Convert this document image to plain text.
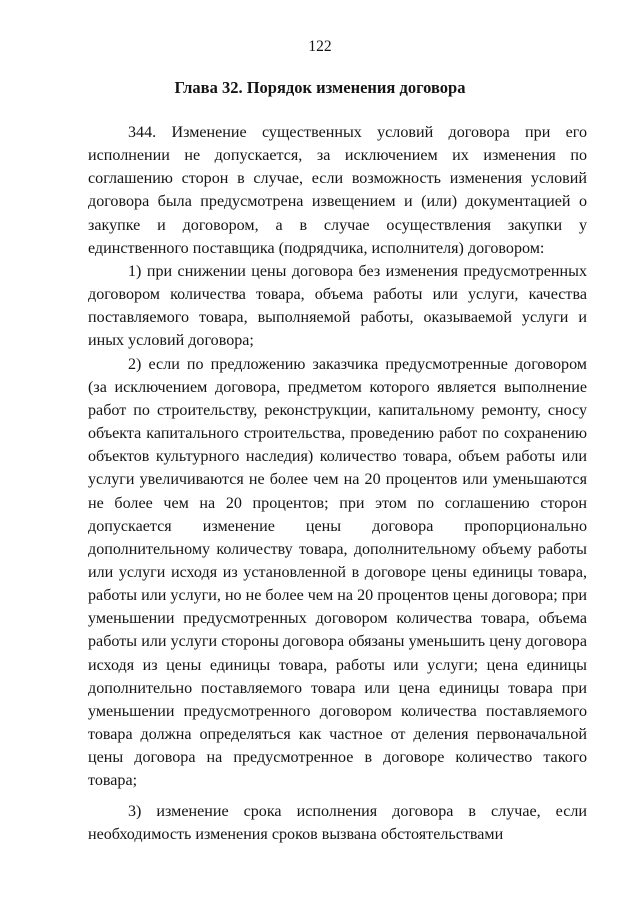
122
Глава 32. Порядок изменения договора

344. Изменение существенных условий договора при его исполнении не допускается, за исключением их изменения по соглашению сторон в случае, если возможность изменения условий договора была предусмотрена извещением и (или) документацией о закупке и договором, а в случае осуществления закупки у единственного поставщика (подрядчика, исполнителя) договором:

1) при снижении цены договора без изменения предусмотренных договором количества товара, объема работы или услуги, качества поставляемого товара, выполняемой работы, оказываемой услуги и иных условий договора;

2) если по предложению заказчика предусмотренные договором (за исключением договора, предметом которого является выполнение работ по строительству, реконструкции, капитальному ремонту, сносу объекта капитального строительства, проведению работ по сохранению объектов культурного наследия) количество товара, объем работы или услуги увеличиваются не более чем на 20 процентов или уменьшаются не более чем на 20 процентов; при этом по соглашению сторон допускается изменение цены договора пропорционально дополнительному количеству товара, дополнительному объему работы или услуги исходя из установленной в договоре цены единицы товара, работы или услуги, но не более чем на 20 процентов цены договора; при уменьшении предусмотренных договором количества товара, объема работы или услуги стороны договора обязаны уменьшить цену договора исходя из цены единицы товара, работы или услуги; цена единицы дополнительно поставляемого товара или цена единицы товара при уменьшении предусмотренного договором количества поставляемого товара должна определяться как частное от деления первоначальной цены договора на предусмотренное в договоре количество такого товара;

3) изменение срока исполнения договора в случае, если необходимость изменения сроков вызвана обстоятельствами
